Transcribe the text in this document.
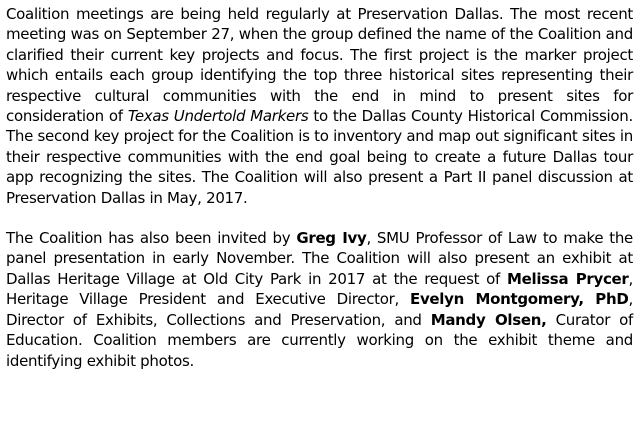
Coalition meetings are being held regularly at Preservation Dallas. The most recent meeting was on September 27, when the group defined the name of the Coalition and clarified their current key projects and focus. The first project is the marker project which entails each group identifying the top three historical sites representing their respective cultural communities with the end in mind to present sites for consideration of Texas Undertold Markers to the Dallas County Historical Commission. The second key project for the Coalition is to inventory and map out significant sites in their respective communities with the end goal being to create a future Dallas tour app recognizing the sites. The Coalition will also present a Part II panel discussion at Preservation Dallas in May, 2017.

The Coalition has also been invited by Greg Ivy, SMU Professor of Law to make the panel presentation in early November. The Coalition will also present an exhibit at Dallas Heritage Village at Old City Park in 2017 at the request of Melissa Prycer, Heritage Village President and Executive Director, Evelyn Montgomery, PhD, Director of Exhibits, Collections and Preservation, and Mandy Olsen, Curator of Education. Coalition members are currently working on the exhibit theme and identifying exhibit photos.
